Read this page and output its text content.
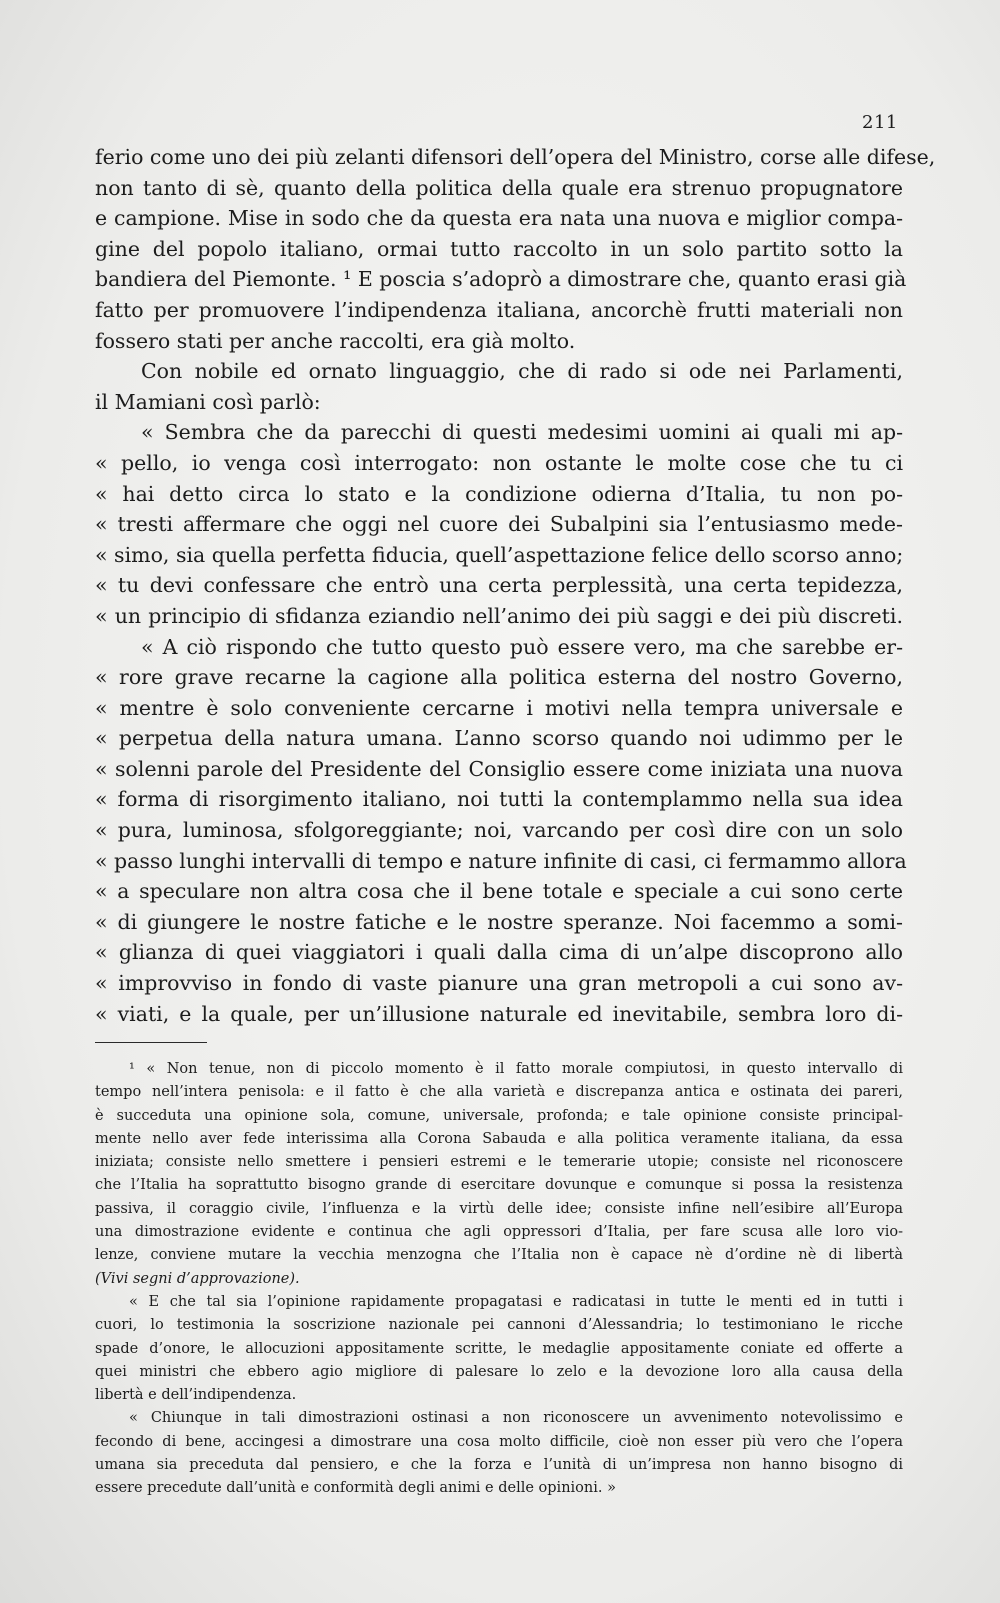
211
ferio come uno dei più zelanti difensori dell’opera del Ministro, corse alle difese,
non tanto di sè, quanto della politica della quale era strenuo propugnatore
e campione. Mise in sodo che da questa era nata una nuova e miglior compa-
gine del popolo italiano, ormai tutto raccolto in un solo partito sotto la
bandiera del Piemonte. ¹ E poscia s’adoprò a dimostrare che, quanto erasi già
fatto per promuovere l’indipendenza italiana, ancorchè frutti materiali non
fossero stati per anche raccolti, era già molto.
Con nobile ed ornato linguaggio, che di rado si ode nei Parlamenti,
il Mamiani così parlò:
« Sembra che da parecchi di questi medesimi uomini ai quali mi ap-
« pello, io venga così interrogato: non ostante le molte cose che tu ci
« hai detto circa lo stato e la condizione odierna d’Italia, tu non po-
« tresti affermare che oggi nel cuore dei Subalpini sia l’entusiasmo mede-
« simo, sia quella perfetta fiducia, quell’aspettazione felice dello scorso anno;
« tu devi confessare che entrò una certa perplessità, una certa tepidezza,
« un principio di sfidanza eziandio nell’animo dei più saggi e dei più discreti.
« A ciò rispondo che tutto questo può essere vero, ma che sarebbe er-
« rore grave recarne la cagione alla politica esterna del nostro Governo,
« mentre è solo conveniente cercarne i motivi nella tempra universale e
« perpetua della natura umana. L’anno scorso quando noi udimmo per le
« solenni parole del Presidente del Consiglio essere come iniziata una nuova
« forma di risorgimento italiano, noi tutti la contemplammo nella sua idea
« pura, luminosa, sfolgoreggiante; noi, varcando per così dire con un solo
« passo lunghi intervalli di tempo e nature infinite di casi, ci fermammo allora
« a speculare non altra cosa che il bene totale e speciale a cui sono certe
« di giungere le nostre fatiche e le nostre speranze. Noi facemmo a somi-
« glianza di quei viaggiatori i quali dalla cima di un’alpe discoprono allo
« improvviso in fondo di vaste pianure una gran metropoli a cui sono av-
« viati, e la quale, per un’illusione naturale ed inevitabile, sembra loro di-
¹ « Non tenue, non di piccolo momento è il fatto morale compiutosi, in questo intervallo di
tempo nell’intera penisola: e il fatto è che alla varietà e discrepanza antica e ostinata dei pareri,
è succeduta una opinione sola, comune, universale, profonda; e tale opinione consiste principal-
mente nello aver fede interissima alla Corona Sabauda e alla politica veramente italiana, da essa
iniziata; consiste nello smettere i pensieri estremi e le temerarie utopie; consiste nel riconoscere
che l’Italia ha soprattutto bisogno grande di esercitare dovunque e comunque si possa la resistenza
passiva, il coraggio civile, l’influenza e la virtù delle idee; consiste infine nell’esibire all’Europa
una dimostrazione evidente e continua che agli oppressori d’Italia, per fare scusa alle loro vio-
lenze, conviene mutare la vecchia menzogna che l’Italia non è capace nè d’ordine nè di libertà
(Vivi segni d’approvazione).
« E che tal sia l’opinione rapidamente propagatasi e radicatasi in tutte le menti ed in tutti i
cuori, lo testimonia la soscrizione nazionale pei cannoni d’Alessandria; lo testimoniano le ricche
spade d’onore, le allocuzioni appositamente scritte, le medaglie appositamente coniate ed offerte a
quei ministri che ebbero agio migliore di palesare lo zelo e la devozione loro alla causa della
libertà e dell’indipendenza.
« Chiunque in tali dimostrazioni ostinasi a non riconoscere un avvenimento notevolissimo e
fecondo di bene, accingesi a dimostrare una cosa molto difficile, cioè non esser più vero che l’opera
umana sia preceduta dal pensiero, e che la forza e l’unità di un’impresa non hanno bisogno di
essere precedute dall’unità e conformità degli animi e delle opinioni. »
